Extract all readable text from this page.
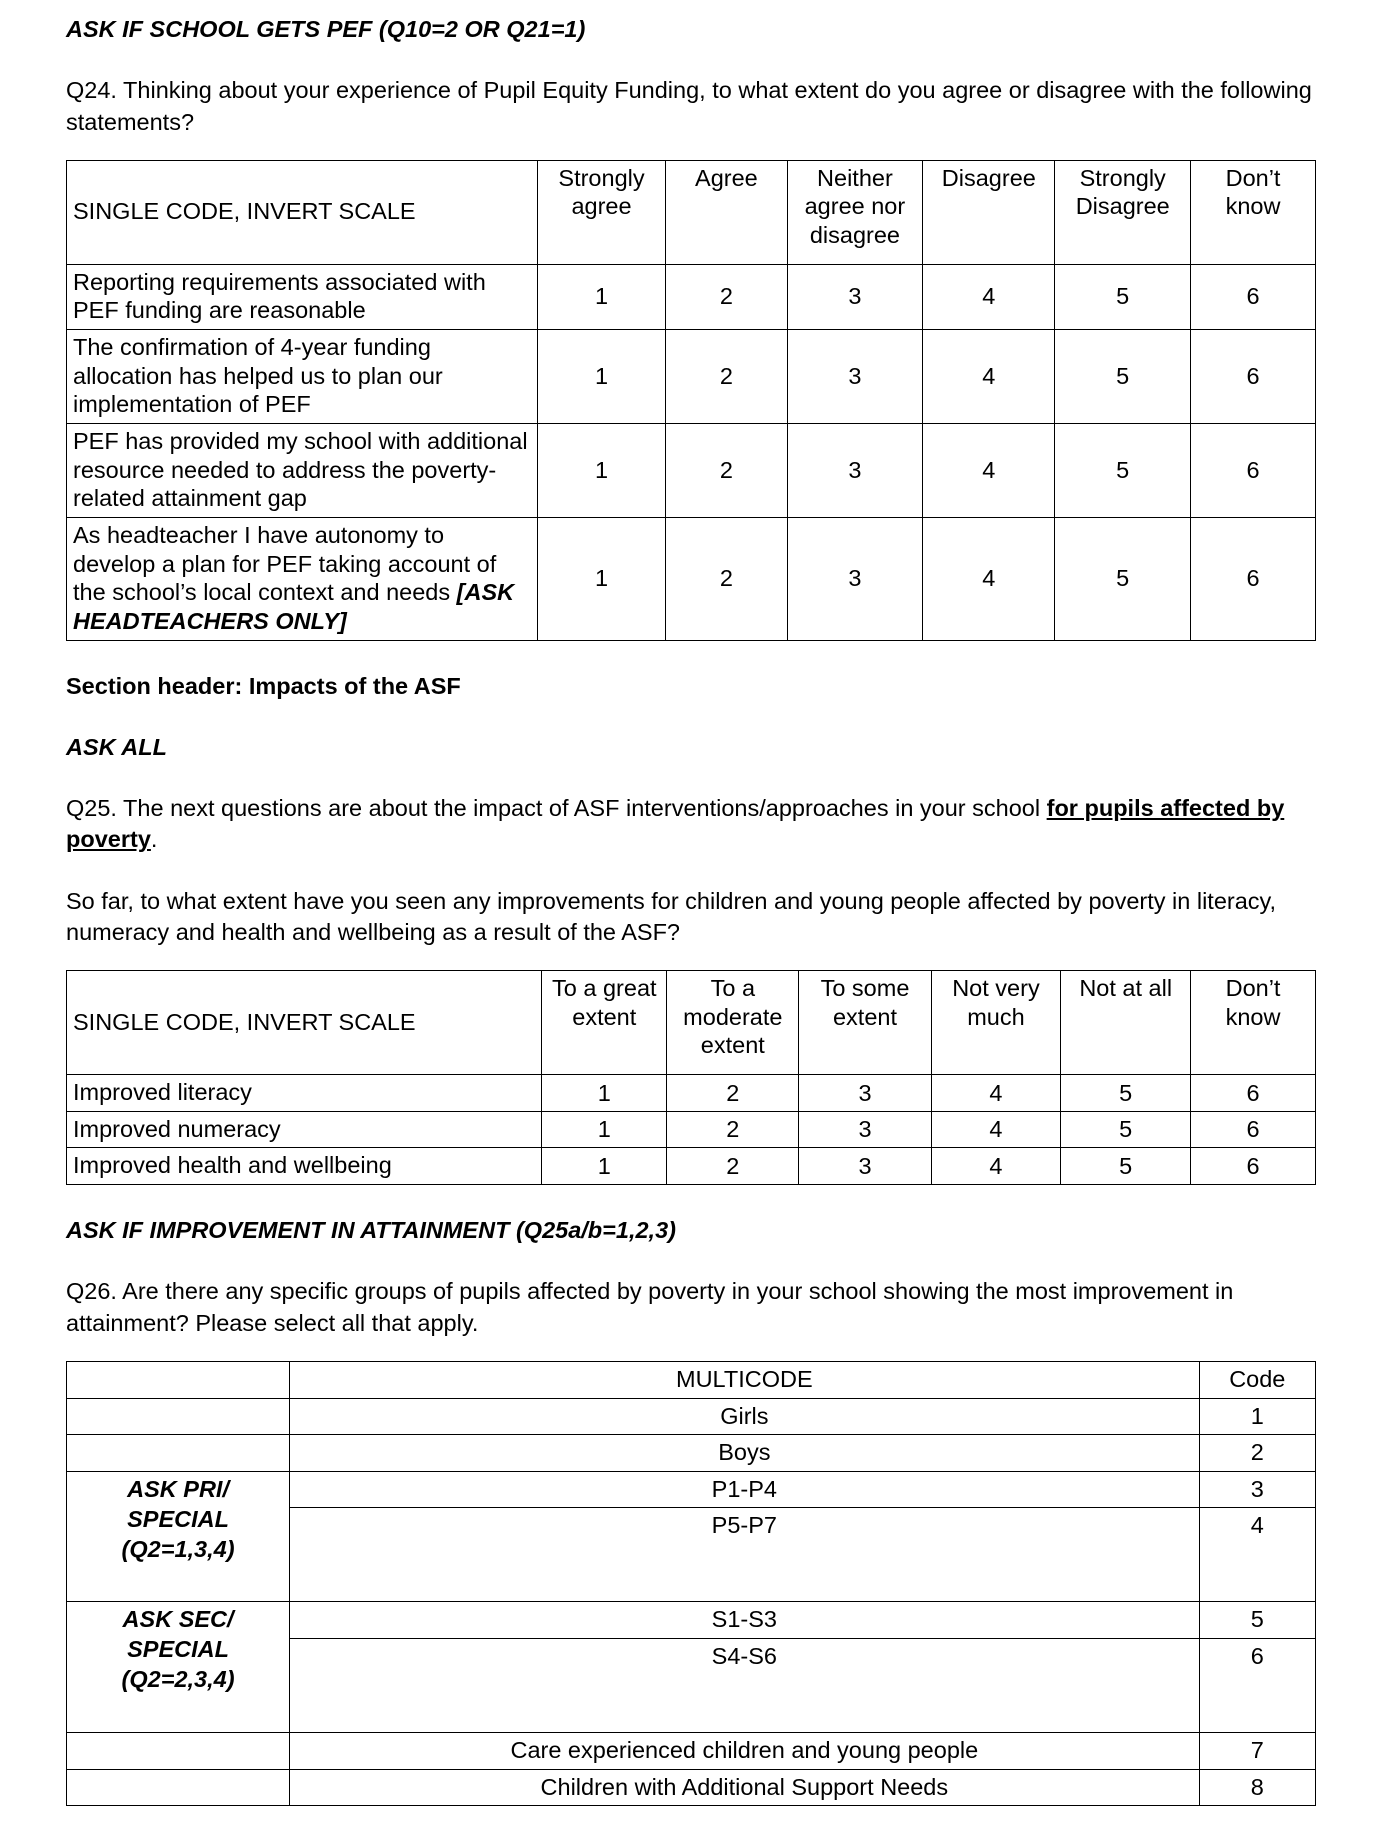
ASK IF SCHOOL GETS PEF (Q10=2 OR Q21=1)
Q24. Thinking about your experience of Pupil Equity Funding, to what extent do you agree or disagree with the following statements?
SINGLE CODE, INVERT SCALE	Strongly agree	Agree	Neither agree nor disagree	Disagree	Strongly Disagree	Don’t know
Reporting requirements associated with PEF funding are reasonable	1	2	3	4	5	6
The confirmation of 4-year funding allocation has helped us to plan our implementation of PEF	1	2	3	4	5	6
PEF has provided my school with additional resource needed to address the poverty-related attainment gap	1	2	3	4	5	6
As headteacher I have autonomy to develop a plan for PEF taking account of the school’s local context and needs [ASK HEADTEACHERS ONLY]	1	2	3	4	5	6
Section header: Impacts of the ASF
ASK ALL
Q25. The next questions are about the impact of ASF interventions/approaches in your school for pupils affected by poverty.
So far, to what extent have you seen any improvements for children and young people affected by poverty in literacy, numeracy and health and wellbeing as a result of the ASF?
SINGLE CODE, INVERT SCALE	To a great extent	To a moderate extent	To some extent	Not very much	Not at all	Don’t know
Improved literacy	1	2	3	4	5	6
Improved numeracy	1	2	3	4	5	6
Improved health and wellbeing	1	2	3	4	5	6
ASK IF IMPROVEMENT IN ATTAINMENT (Q25a/b=1,2,3)
Q26. Are there any specific groups of pupils affected by poverty in your school showing the most improvement in attainment? Please select all that apply.
	MULTICODE	Code
	Girls	1
	Boys	2
ASK PRI/ SPECIAL (Q2=1,3,4)	P1-P4	3
	P5-P7	4
ASK SEC/ SPECIAL (Q2=2,3,4)	S1-S3	5
	S4-S6	6
	Care experienced children and young people	7
	Children with Additional Support Needs	8
